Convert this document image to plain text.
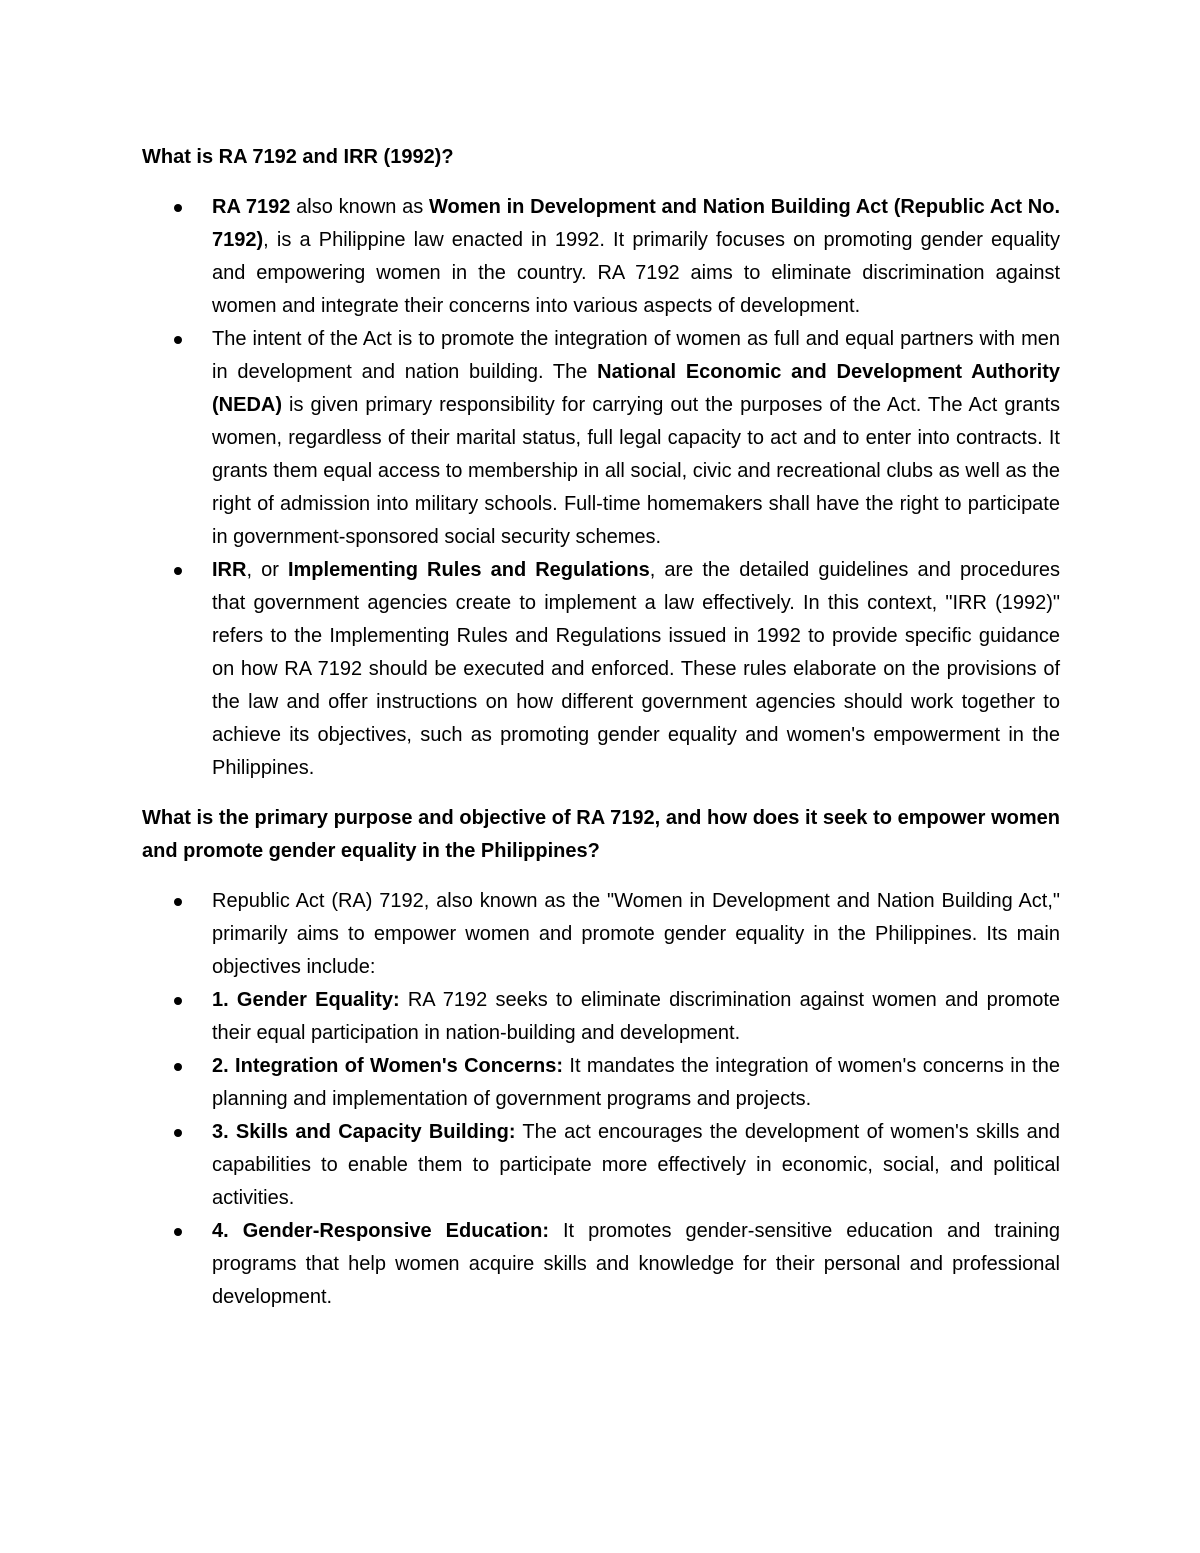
What is RA 7192 and IRR (1992)?

RA 7192 also known as Women in Development and Nation Building Act (Republic Act No. 7192), is a Philippine law enacted in 1992. It primarily focuses on promoting gender equality and empowering women in the country. RA 7192 aims to eliminate discrimination against women and integrate their concerns into various aspects of development.
The intent of the Act is to promote the integration of women as full and equal partners with men in development and nation building. The National Economic and Development Authority (NEDA) is given primary responsibility for carrying out the purposes of the Act. The Act grants women, regardless of their marital status, full legal capacity to act and to enter into contracts. It grants them equal access to membership in all social, civic and recreational clubs as well as the right of admission into military schools. Full-time homemakers shall have the right to participate in government-sponsored social security schemes.
IRR, or Implementing Rules and Regulations, are the detailed guidelines and procedures that government agencies create to implement a law effectively. In this context, "IRR (1992)" refers to the Implementing Rules and Regulations issued in 1992 to provide specific guidance on how RA 7192 should be executed and enforced. These rules elaborate on the provisions of the law and offer instructions on how different government agencies should work together to achieve its objectives, such as promoting gender equality and women's empowerment in the Philippines.

What is the primary purpose and objective of RA 7192, and how does it seek to empower women and promote gender equality in the Philippines?

Republic Act (RA) 7192, also known as the "Women in Development and Nation Building Act," primarily aims to empower women and promote gender equality in the Philippines. Its main objectives include:
1. Gender Equality: RA 7192 seeks to eliminate discrimination against women and promote their equal participation in nation-building and development.
2. Integration of Women's Concerns: It mandates the integration of women's concerns in the planning and implementation of government programs and projects.
3. Skills and Capacity Building: The act encourages the development of women's skills and capabilities to enable them to participate more effectively in economic, social, and political activities.
4. Gender-Responsive Education: It promotes gender-sensitive education and training programs that help women acquire skills and knowledge for their personal and professional development.
